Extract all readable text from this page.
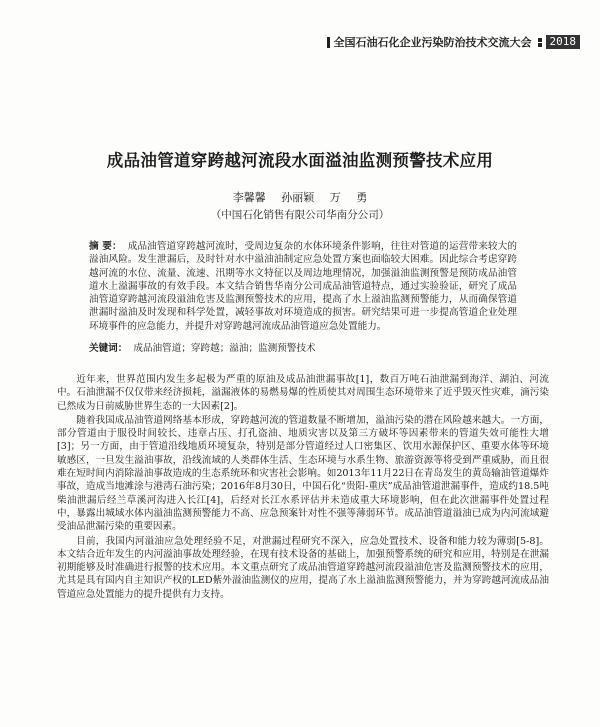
全国石油石化企业污染防治技术交流大会	2018
成品油管道穿跨越河流段水面溢油监测预警技术应用
李馨馨 孙丽颖 万 勇
（中国石化销售有限公司华南分公司）
摘 要： 成品油管道穿跨越河流时，受周边复杂的水体环境条件影响，往往对管道的运营带来较大的溢油风险。发生泄漏后，及时针对水中溢油油制定应急处置方案也面临较大困难。因此综合考虑穿跨越河流的水位、流量、流速、汛期等水文特征以及周边地理情况，加强溢油监测预警是预防成品油管道水上溢漏事故的有效手段。本文结合销售华南分公司成品油管道特点，通过实验验证，研究了成品油管道穿跨越河流段溢油危害及监测预警技术的应用，提高了水上溢油监测预警能力，从而确保管道泄漏时溢油及时发现和科学处置，减轻事故对环境造成的损害。研究结果可进一步提高管道企业处理环境事件的应急能力，并提升对穿跨越河流成品油管道应急处置能力。
关键词： 成品油管道；穿跨越；溢油；监测预警技术

近年来，世界范围内发生多起极为严重的原油及成品油泄漏事故[1]，数百万吨石油泄漏到海洋、湖泊、河流中。石油泄漏不仅仅带来经济损耗，溢漏液体的易燃易爆的性质使其对周围生态环境带来了近乎毁灭性灾难，滴污染已然成为日前威胁世界生态的一大因素[2]。

随着我国成品油管道网络基本形成，穿跨越河流的管道数量不断增加，溢油污染的潜在风险越来越大。一方面，部分管道由于服役时间较长、违章占压、打孔盗油、地质灾害以及第三方破坏等因素带来的管道失效可能性大增[3]；另一方面，由于管道沿线地质环境复杂，特别是部分管道经过人口密集区、饮用水源保护区、重要水体等环境敏感区，一旦发生溢油事故，沿线流域的人类群体生活、生态环境与水系生物、旅游资源等将受到严重威胁，而且很难在短时间内消除溢油事故造成的生态系统环和灾害社会影响。如2013年11月22日在青岛发生的黄岛输油管道爆炸事故，造成当地滩涂与港湾石油污染；2016年8月30日，中国石化“贵阳-重庆”成品油管道泄漏事件，造成约18.5吨柴油泄漏后经兰草溪河沟进入长江[4]，后经对长江水系评估并未造成重大环境影响，但在此次泄漏事件处置过程中，暴露出城域水体内溢油监测预警能力不高、应急预案针对性不强等薄弱环节。成品油管道溢油已成为内河流域避受油品泄漏污染的重要因素。

目前，我国内河溢油应急处理经验不足，对泄漏过程研究不深入，应急处置技术、设备和能力较为薄弱[5-8]。本文结合近年发生的内河溢油事故处理经验，在现有技术设备的基础上，加强预警系统的研究和应用，特别是在泄漏初期能够及时准确进行报警的技术应用。本文重点研究了成品油管道穿跨越河流段溢油危害及监测预警技术的应用，尤其是具有国内自主知识产权的LED紫外溢油监测仪的应用，提高了水上溢油监测预警能力，并为穿跨越河流成品油管道应急处置能力的提升提供有力支持。
